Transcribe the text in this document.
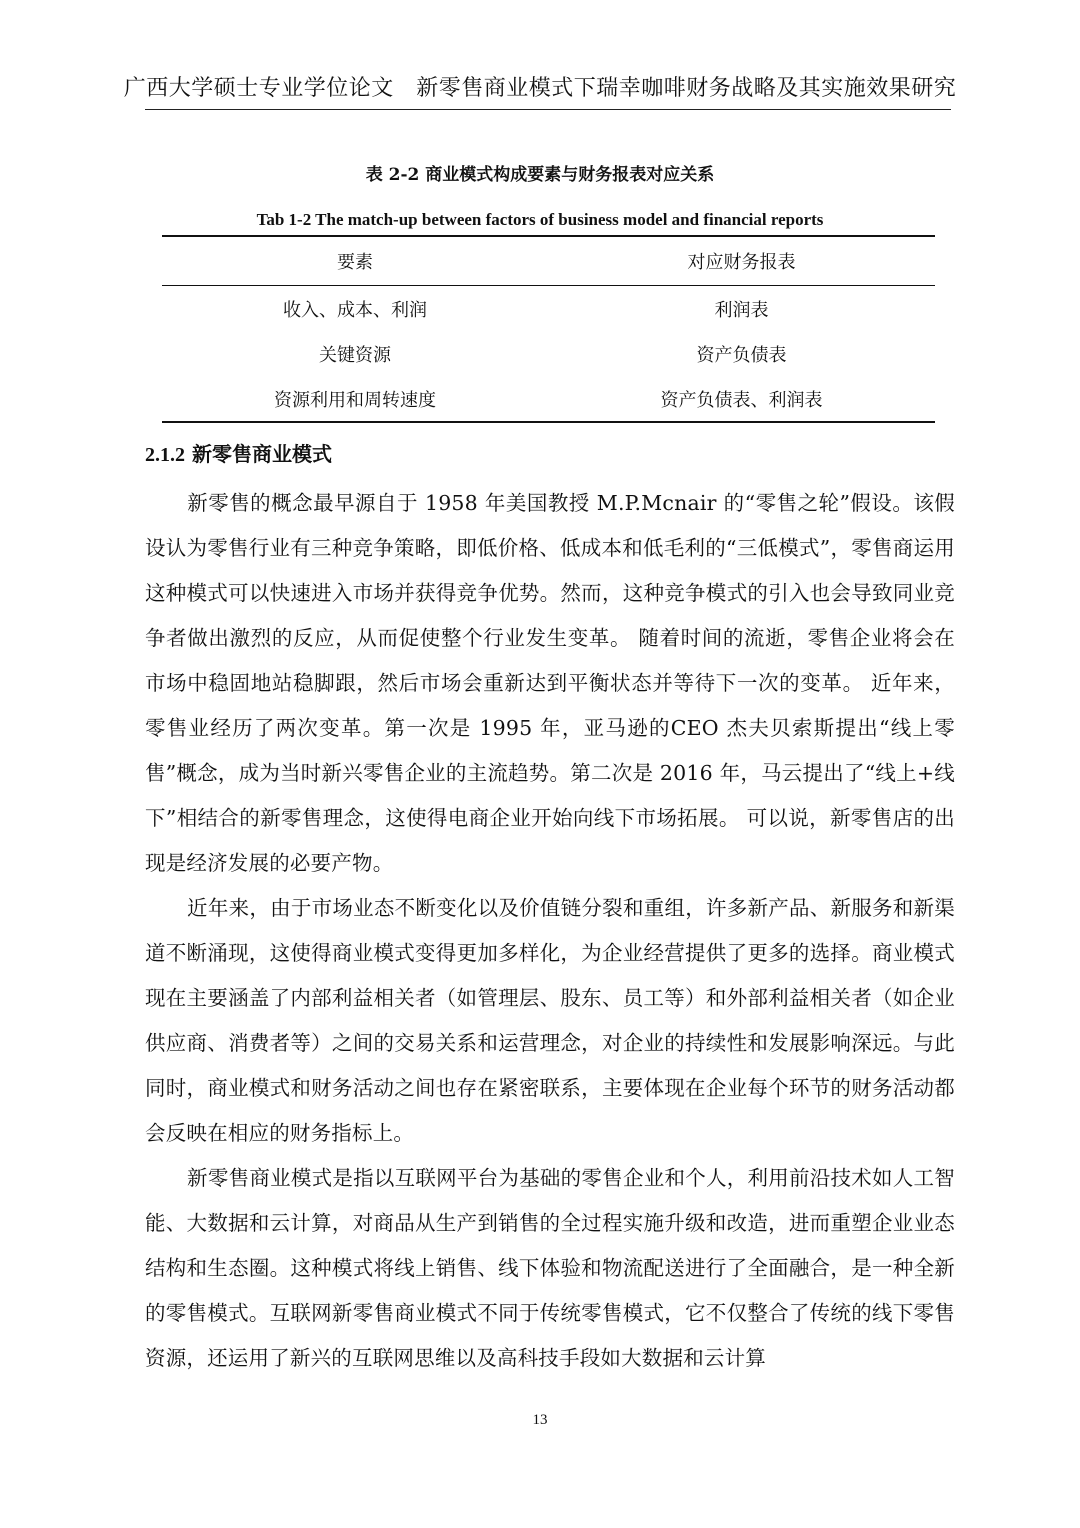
广西大学硕士专业学位论文　新零售商业模式下瑞幸咖啡财务战略及其实施效果研究
表 2-2 商业模式构成要素与财务报表对应关系
Tab 1-2 The match-up between factors of business model and financial reports
要素	对应财务报表
收入、成本、利润	利润表
关键资源	资产负债表
资源利用和周转速度	资产负债表、利润表
2.1.2 新零售商业模式

新零售的概念最早源自于 1958 年美国教授 M.P.Mcnair 的“零售之轮”假设。该假设认为零售行业有三种竞争策略，即低价格、低成本和低毛利的“三低模式”，零售商运用这种模式可以快速进入市场并获得竞争优势。然而，这种竞争模式的引入也会导致同业竞争者做出激烈的反应，从而促使整个行业发生变革。 随着时间的流逝，零售企业将会在市场中稳固地站稳脚跟，然后市场会重新达到平衡状态并等待下一次的变革。 近年来，零售业经历了两次变革。第一次是 1995 年，亚马逊的CEO 杰夫贝索斯提出“线上零售”概念，成为当时新兴零售企业的主流趋势。第二次是 2016 年，马云提出了“线上+线下”相结合的新零售理念，这使得电商企业开始向线下市场拓展。 可以说，新零售店的出现是经济发展的必要产物。

近年来，由于市场业态不断变化以及价值链分裂和重组，许多新产品、新服务和新渠道不断涌现，这使得商业模式变得更加多样化，为企业经营提供了更多的选择。商业模式现在主要涵盖了内部利益相关者（如管理层、股东、员工等）和外部利益相关者（如企业供应商、消费者等）之间的交易关系和运营理念，对企业的持续性和发展影响深远。与此同时，商业模式和财务活动之间也存在紧密联系，主要体现在企业每个环节的财务活动都会反映在相应的财务指标上。

新零售商业模式是指以互联网平台为基础的零售企业和个人，利用前沿技术如人工智能、大数据和云计算，对商品从生产到销售的全过程实施升级和改造，进而重塑企业业态结构和生态圈。这种模式将线上销售、线下体验和物流配送进行了全面融合，是一种全新的零售模式。互联网新零售商业模式不同于传统零售模式，它不仅整合了传统的线下零售资源，还运用了新兴的互联网思维以及高科技手段如大数据和云计算

13
